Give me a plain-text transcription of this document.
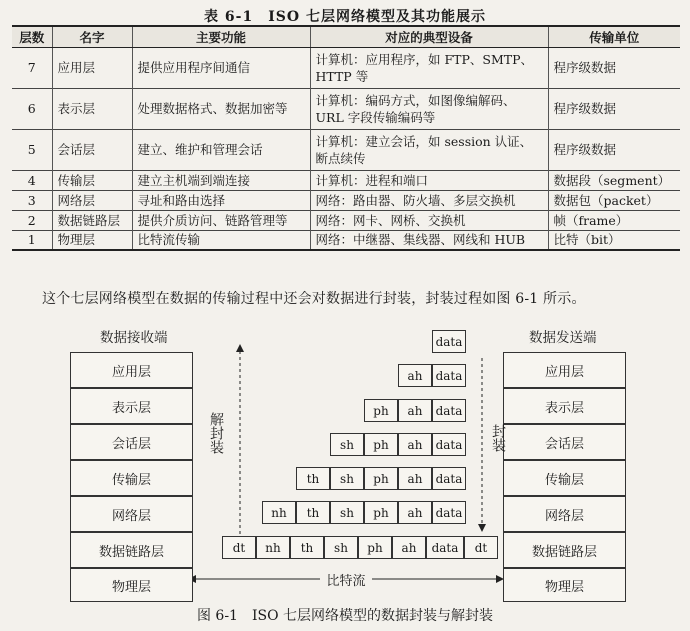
表 6-1　ISO 七层网络模型及其功能展示
层数	名字	主要功能	对应的典型设备	传输单位
7	应用层	提供应用程序间通信	计算机：应用程序，如 FTP、SMTP、HTTP 等	程序级数据
6	表示层	处理数据格式、数据加密等	计算机：编码方式，如图像编解码、URL 字段传输编码等	程序级数据
5	会话层	建立、维护和管理会话	计算机：建立会话，如 session 认证、断点续传	程序级数据
4	传输层	建立主机端到端连接	计算机：进程和端口	数据段（segment）
3	网络层	寻址和路由选择	网络：路由器、防火墙、多层交换机	数据包（packet）
2	数据链路层	提供介质访问、链路管理等	网络：网卡、网桥、交换机	帧（frame）
1	物理层	比特流传输	网络：中继器、集线器、网线和 HUB	比特（bit）
这个七层网络模型在数据的传输过程中还会对数据进行封装，封装过程如图 6-1 所示。
数据接收端
应用层
表示层
会话层
传输层
网络层
数据链路层
物理层
数据发送端
应用层
表示层
会话层
传输层
网络层
数据链路层
物理层
解封装	封装
data
ah	data
ph	ah	data
sh	ph	ah	data
th	sh	ph	ah	data
nh	th	sh	ph	ah	data
dt	nh	th	sh	ph	ah	data	dt
比特流
图 6-1　ISO 七层网络模型的数据封装与解封装
